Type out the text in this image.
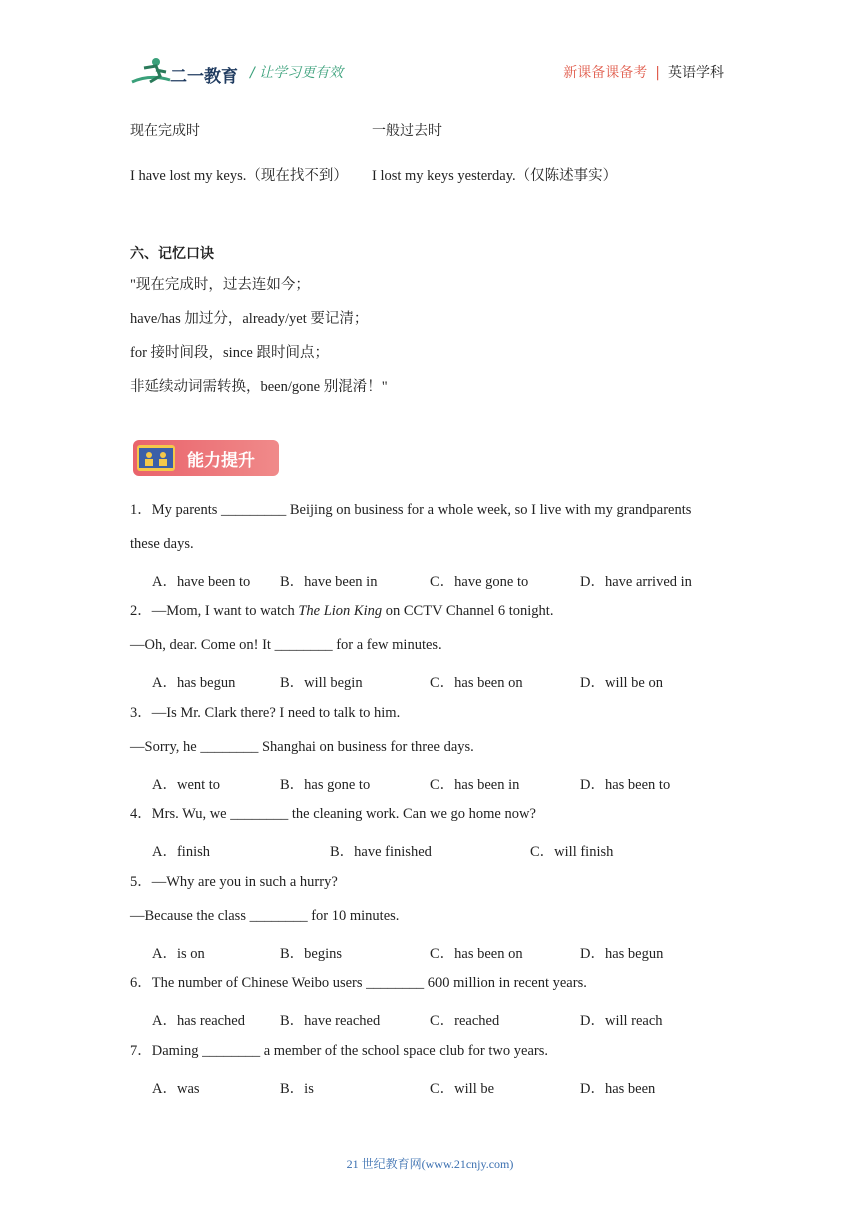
二一教育 / 让学习更有效	新课备课备考 | 英语学科
现在完成时	一般过去时
I have lost my keys.（现在找不到） I lost my keys yesterday.（仅陈述事实）
六、记忆口诀
"现在完成时，过去连如今；
have/has 加过分，already/yet 要记清；
for 接时间段，since 跟时间点；
非延续动词需转换，been/gone 别混淆！"
能力提升
1．My parents _________ Beijing on business for a whole week, so I live with my grandparents
these days.
A．have been to B．have been in	C．have gone to	D．have arrived in
2．—Mom, I want to watch The Lion King on CCTV Channel 6 tonight.
—Oh, dear. Come on! It ________ for a few minutes.
A．has begun	B．will begin	C．has been on	D．will be on
3．—Is Mr. Clark there? I need to talk to him.
—Sorry, he ________ Shanghai on business for three days.
A．went to	B．has gone to	C．has been in	D．has been to
4．Mrs. Wu, we ________ the cleaning work. Can we go home now?
A．finish	B．have finished	C．will finish
5．—Why are you in such a hurry?
—Because the class ________ for 10 minutes.
A．is on	B．begins	C．has been on	D．has begun
6．The number of Chinese Weibo users ________ 600 million in recent years.
A．has reached B．have reached	C．reached	D．will reach
7．Daming ________ a member of the school space club for two years.
A．was	B．is	C．will be	D．has been
21 世纪教育网(www.21cnjy.com)
